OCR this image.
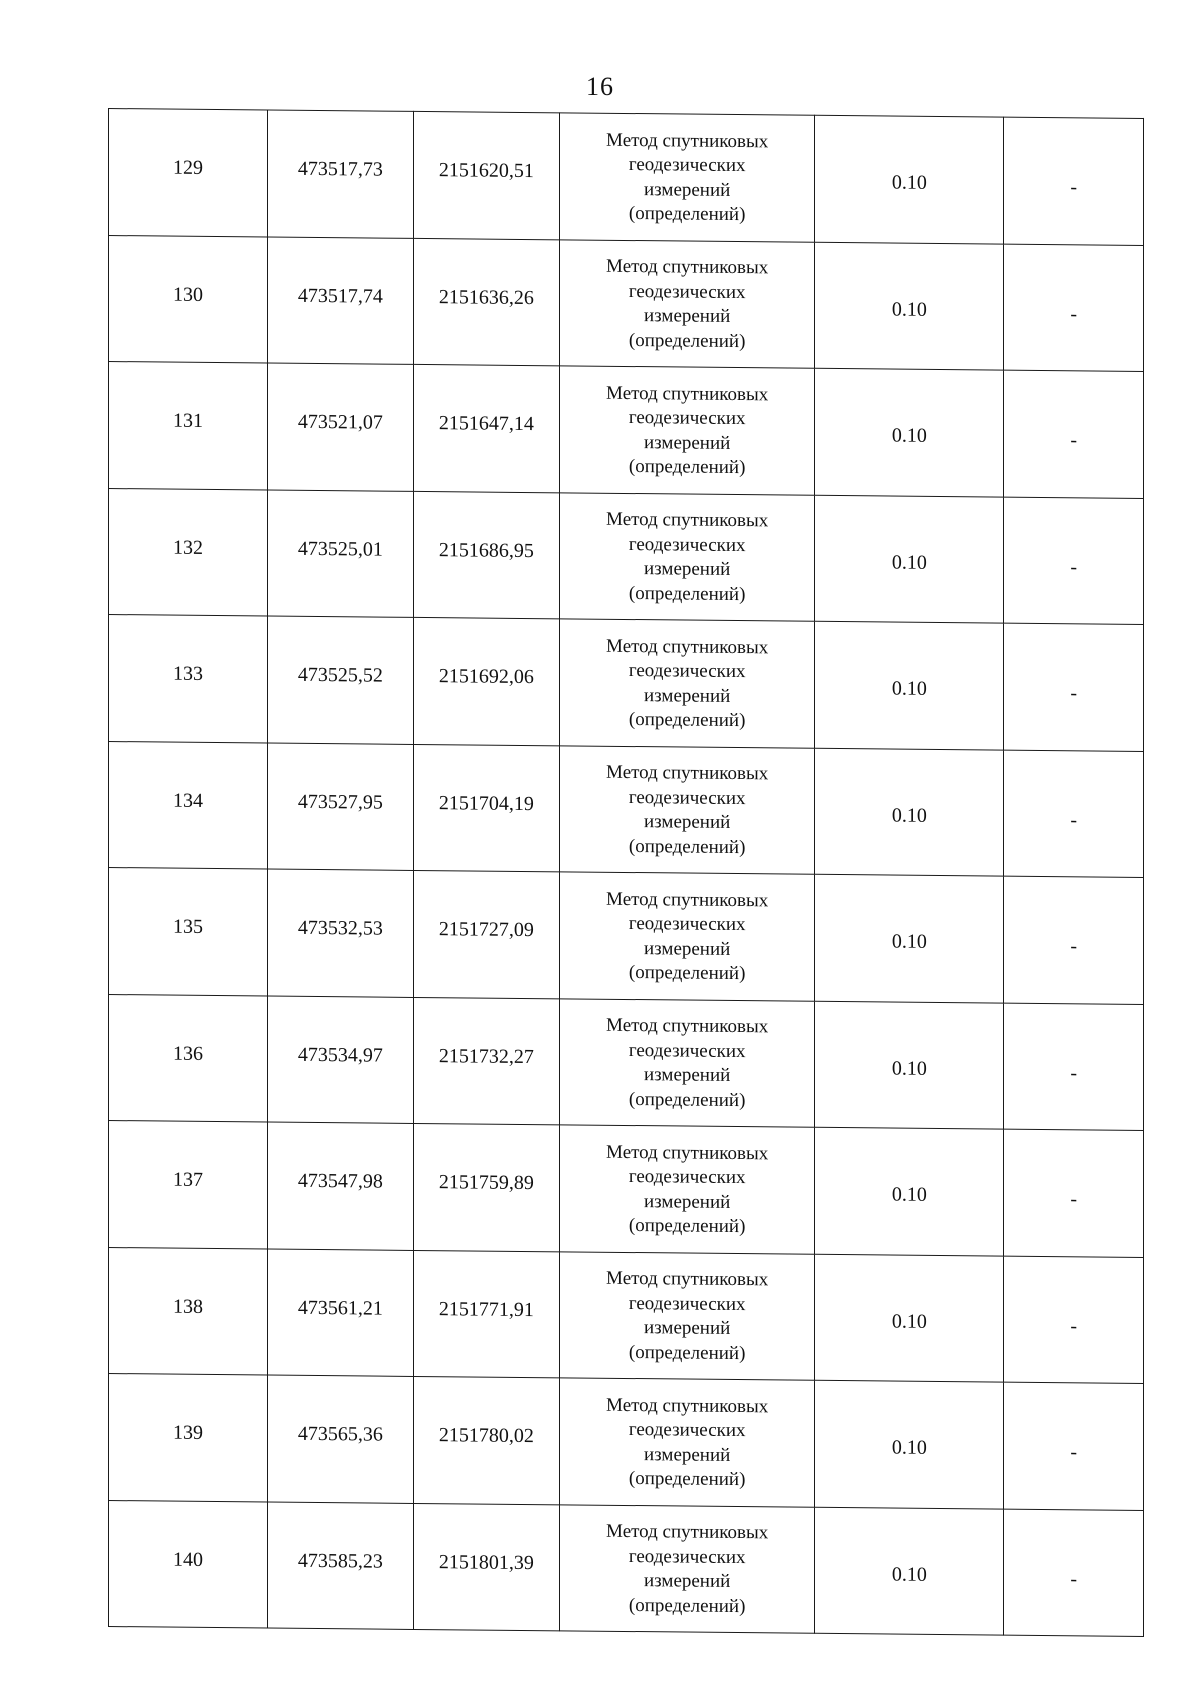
16
129	473517,73	2151620,51	Метод спутниковых
геодезических
измерений
(определений)	0.10	-
130	473517,74	2151636,26	Метод спутниковых
геодезических
измерений
(определений)	0.10	-
131	473521,07	2151647,14	Метод спутниковых
геодезических
измерений
(определений)	0.10	-
132	473525,01	2151686,95	Метод спутниковых
геодезических
измерений
(определений)	0.10	-
133	473525,52	2151692,06	Метод спутниковых
геодезических
измерений
(определений)	0.10	-
134	473527,95	2151704,19	Метод спутниковых
геодезических
измерений
(определений)	0.10	-
135	473532,53	2151727,09	Метод спутниковых
геодезических
измерений
(определений)	0.10	-
136	473534,97	2151732,27	Метод спутниковых
геодезических
измерений
(определений)	0.10	-
137	473547,98	2151759,89	Метод спутниковых
геодезических
измерений
(определений)	0.10	-
138	473561,21	2151771,91	Метод спутниковых
геодезических
измерений
(определений)	0.10	-
139	473565,36	2151780,02	Метод спутниковых
геодезических
измерений
(определений)	0.10	-
140	473585,23	2151801,39	Метод спутниковых
геодезических
измерений
(определений)	0.10	-
